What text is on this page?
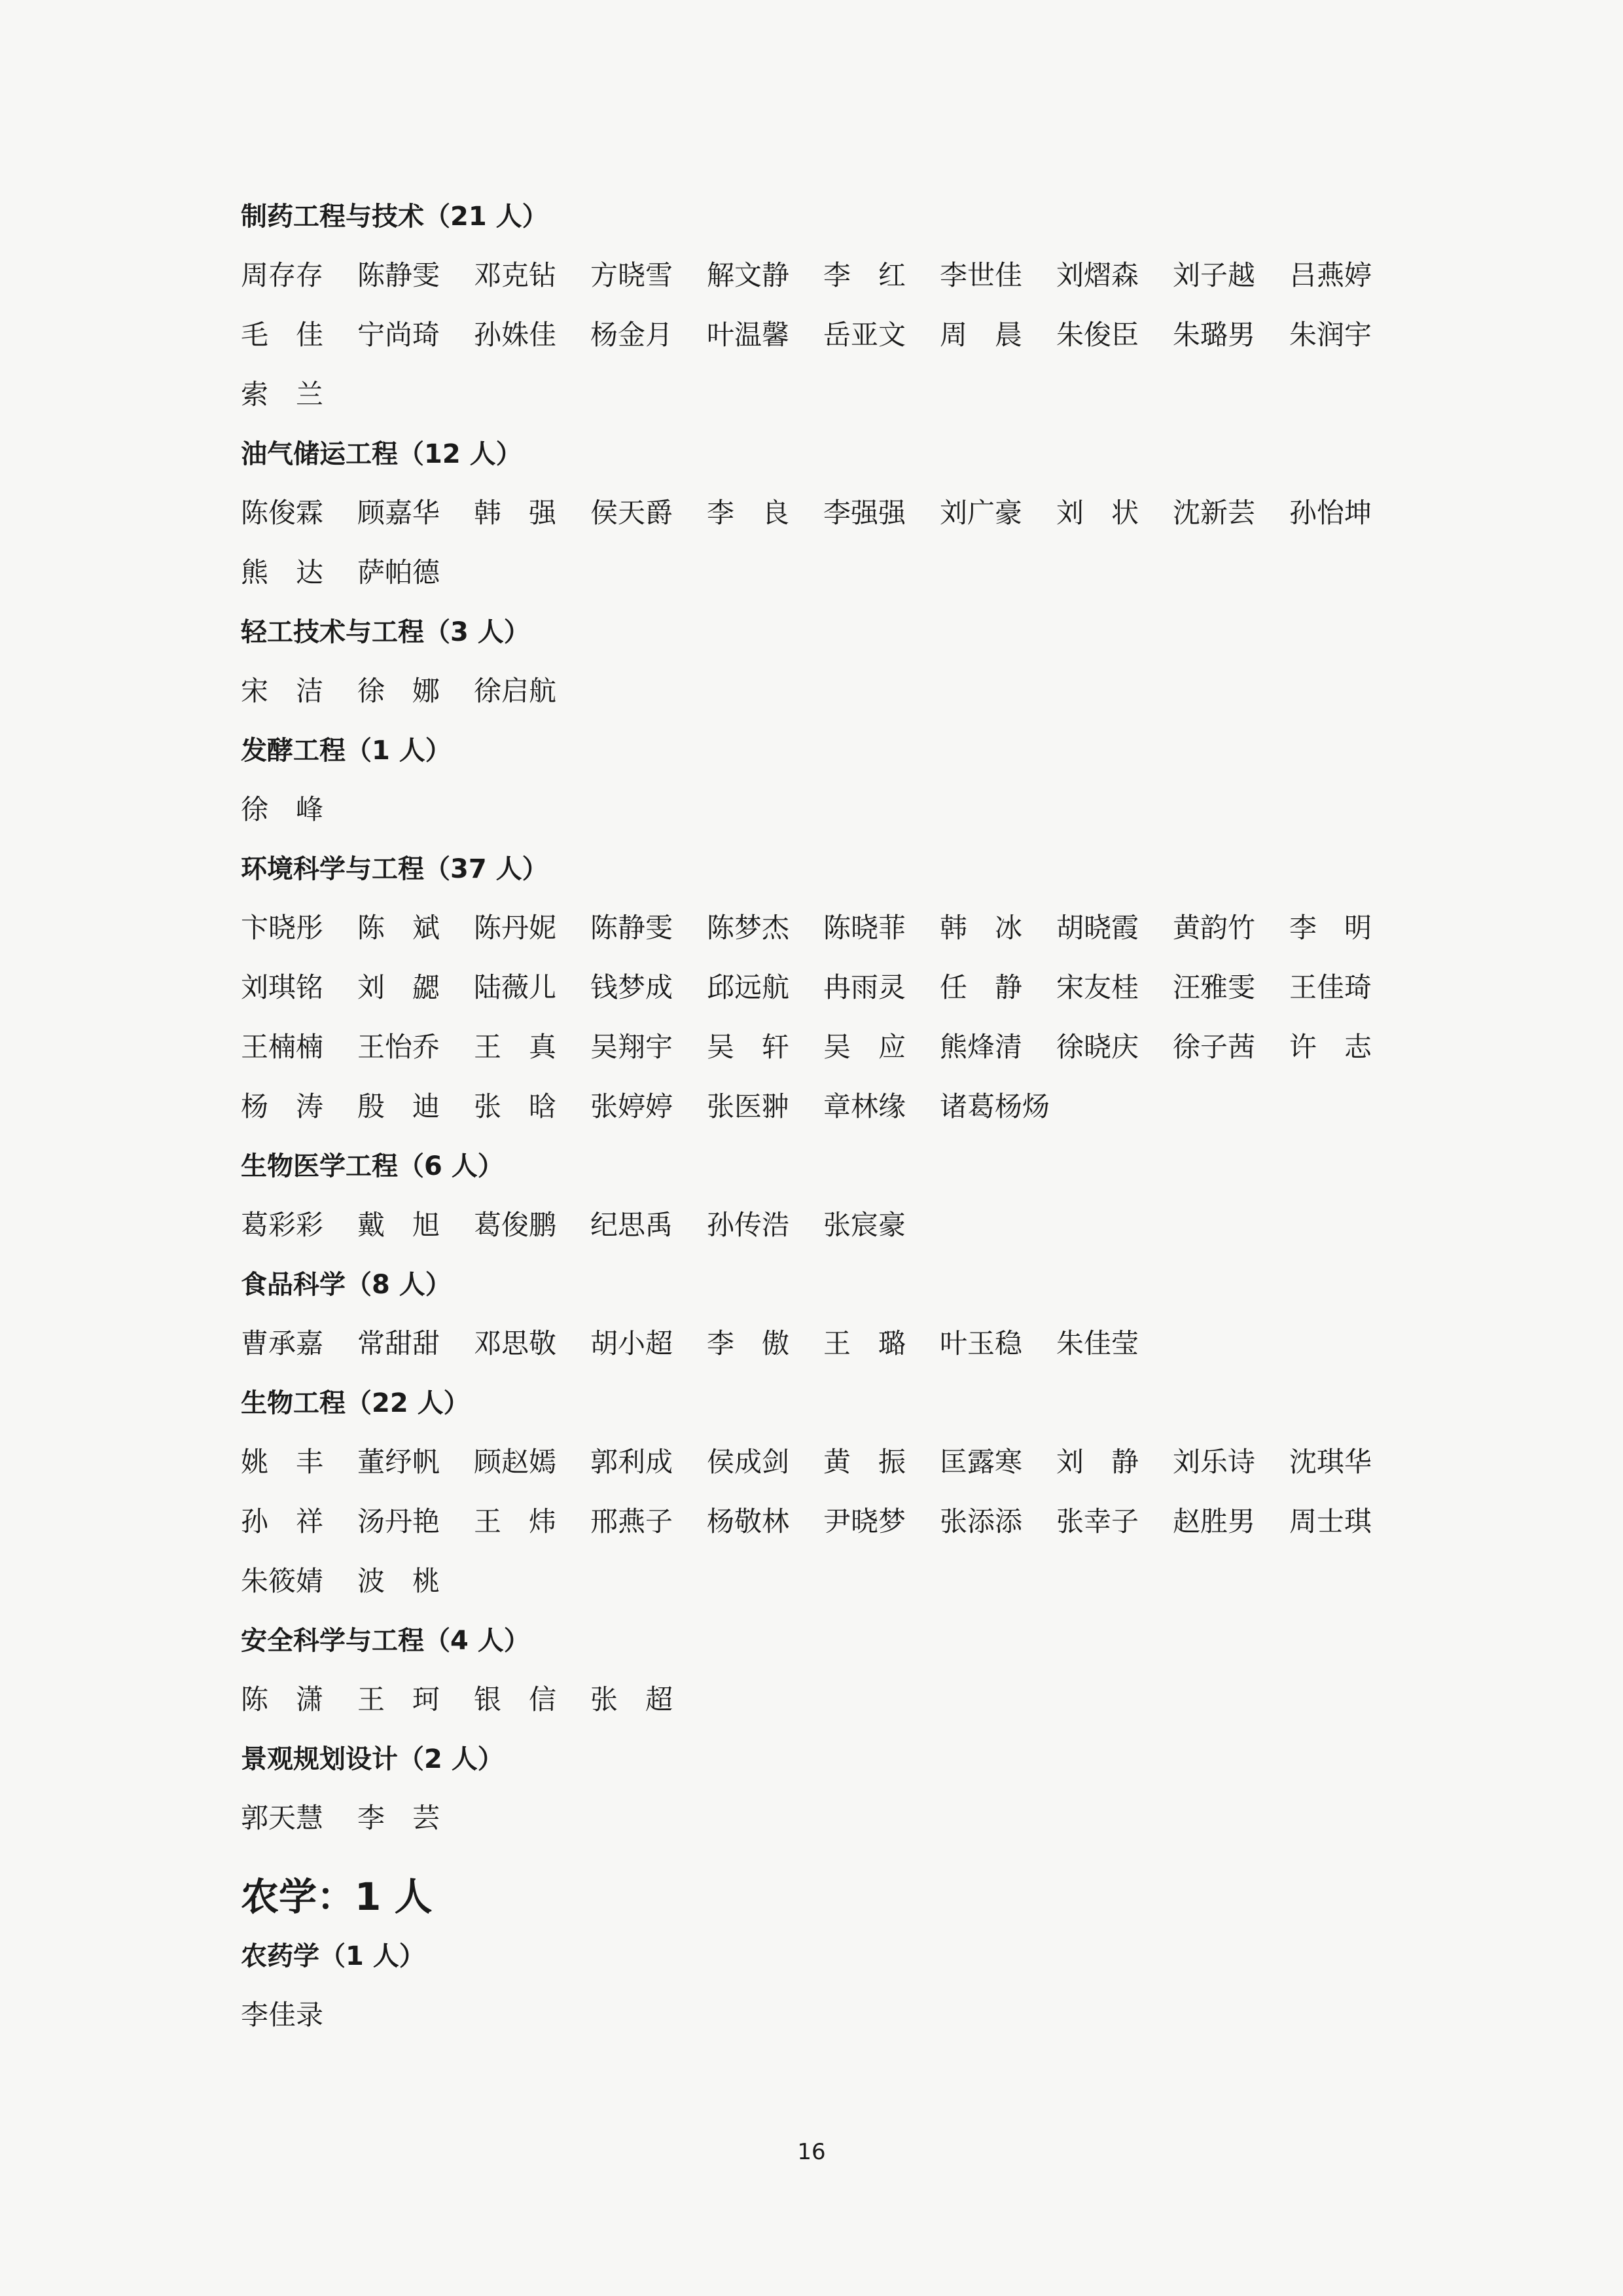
制药工程与技术（21 人）
周存存	陈静雯	邓克钻	方晓雪	解文静	李　红	李世佳	刘熠森	刘子越	吕燕婷
毛　佳	宁尚琦	孙姝佳	杨金月	叶温馨	岳亚文	周　晨	朱俊臣	朱璐男	朱润宇
索　兰
油气储运工程（12 人）
陈俊霖	顾嘉华	韩　强	侯天爵	李　良	李强强	刘广豪	刘　状	沈新芸	孙怡坤
熊　达	萨帕德
轻工技术与工程（3 人）
宋　洁	徐　娜	徐启航
发酵工程（1 人）
徐　峰
环境科学与工程（37 人）
卞晓彤	陈　斌	陈丹妮	陈静雯	陈梦杰	陈晓菲	韩　冰	胡晓霞	黄韵竹	李　明
刘琪铭	刘　勰	陆薇儿	钱梦成	邱远航	冉雨灵	任　静	宋友桂	汪雅雯	王佳琦
王楠楠	王怡乔	王　真	吴翔宇	吴　轩	吴　应	熊烽清	徐晓庆	徐子茜	许　志
杨　涛	殷　迪	张　晗	张婷婷	张医翀	章林缘	诸葛杨炀
生物医学工程（6 人）
葛彩彩	戴　旭	葛俊鹏	纪思禹	孙传浩	张宸豪
食品科学（8 人）
曹承嘉	常甜甜	邓思敬	胡小超	李　傲	王　璐	叶玉稳	朱佳莹
生物工程（22 人）
姚　丰	董纾帆	顾赵嫣	郭利成	侯成剑	黄　振	匡露寒	刘　静	刘乐诗	沈琪华
孙　祥	汤丹艳	王　炜	邢燕子	杨敬林	尹晓梦	张添添	张幸子	赵胜男	周士琪
朱筱婧	波　桃
安全科学与工程（4 人）
陈　潇	王　珂	银　信	张　超
景观规划设计（2 人）
郭天慧	李　芸
农学：1 人
农药学（1 人）
李佳录
16
